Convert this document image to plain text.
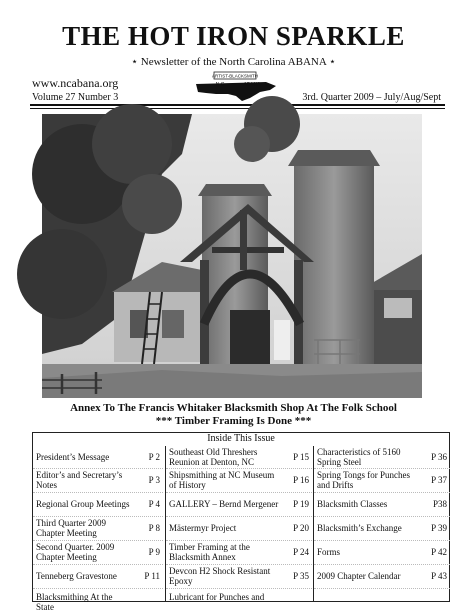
THE HOT IRON SPARKLE
⋆ Newsletter of the North Carolina ABANA ⋆
www.ncabana.org
Volume 27 Number 3	3rd. Quarter 2009 – July/Aug/Sept
ARTIST-BLACKSMITH
N C	ABANA
Annex To The Francis Whitaker Blacksmith Shop At The Folk School
*** Timber Framing Is Done ***
Inside This Issue
President’s Message	P 2
Editor’s and Secretary’s Notes	P 3
Regional Group Meetings P 4
Third Quarter 2009 Chapter Meeting	P 8
Second Quarter. 2009 Chapter Meeting	P 9
Tenneberg Gravestone	P 11
Blacksmithing At the State
Southeast Old Threshers Reunion at Denton, NC	P 15
Shipsmithing at NC Museum of History	P 16
GALLERY – Bernd Mergener	P 19
Mästermyr Project	P 20
Timber Framing at the Blacksmith Annex	P 24
Devcon H2 Shock Resistant Epoxy	P 35
Lubricant for Punches and
Characteristics of 5160 Spring Steel	P 36
Spring Tongs for Punches and Drifts	P 37
Blacksmith Classes	P38
Blacksmith’s Exchange	P 39
Forms	P 42
2009 Chapter Calendar	P 43
